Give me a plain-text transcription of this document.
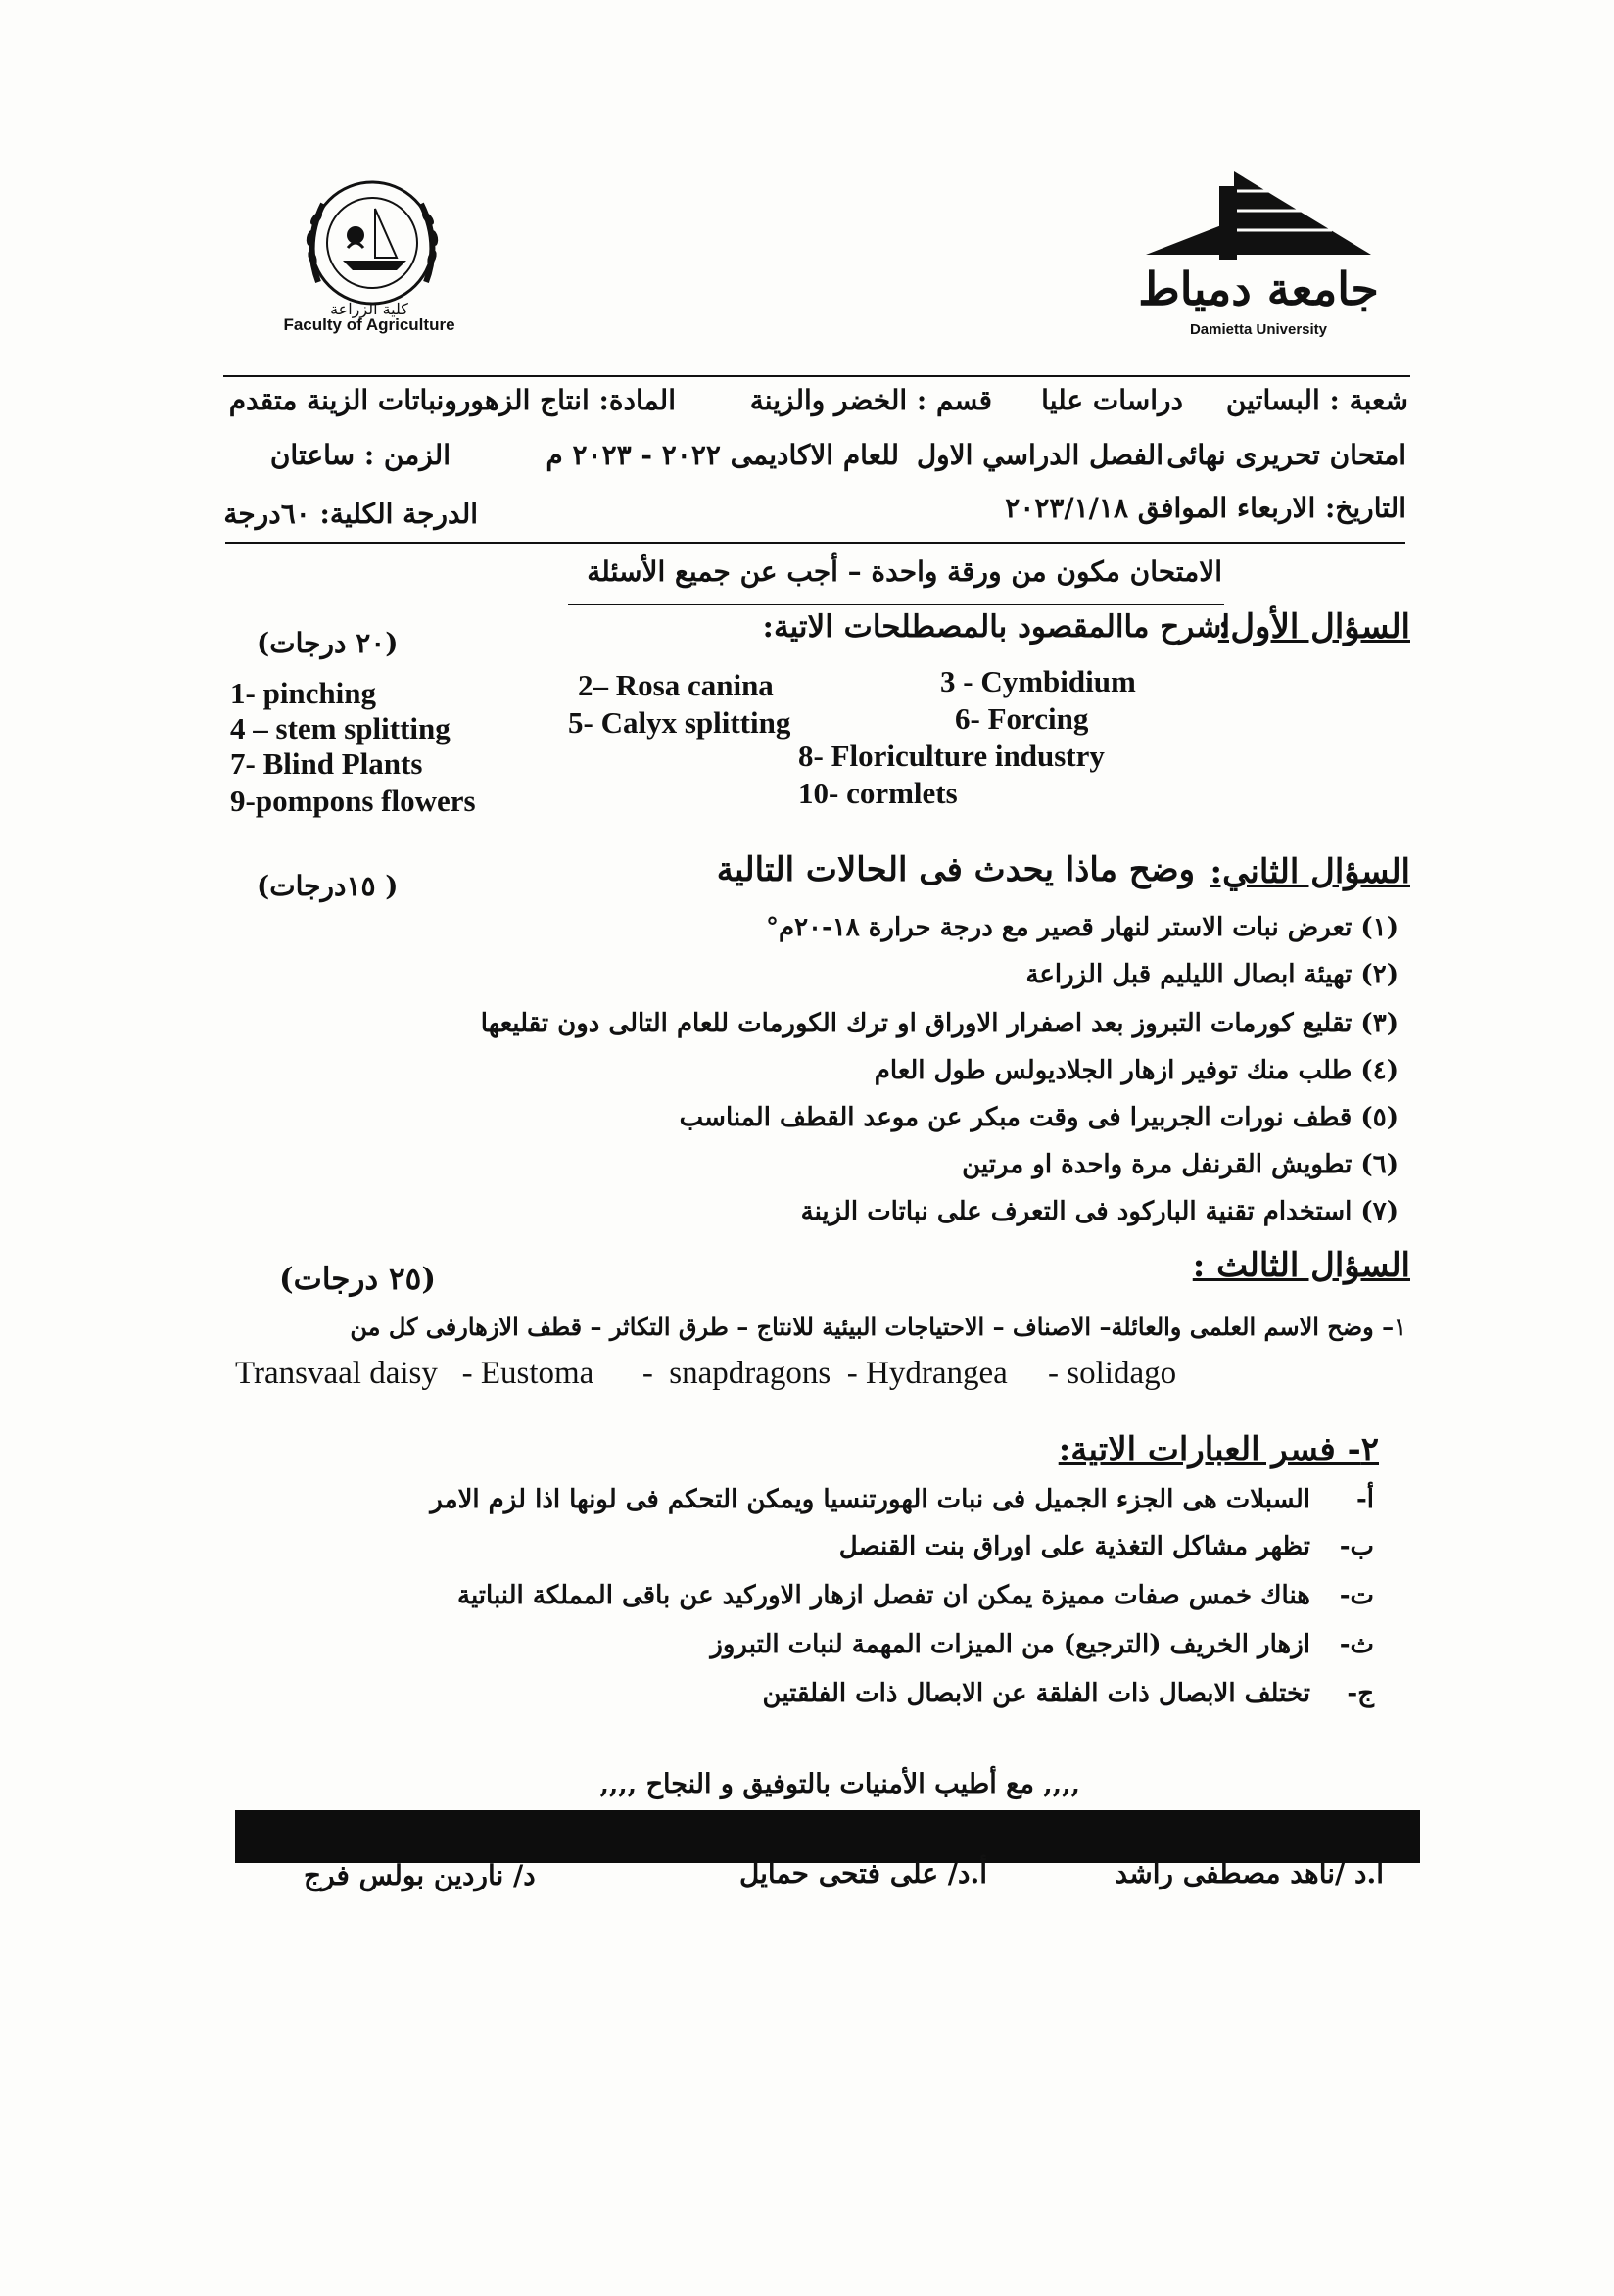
كلية الزراعة
Faculty of Agriculture
جامعة دمياط
Damietta University
شعبة : البساتين
دراسات عليا
قسم : الخضر والزينة
المادة: انتاج الزهورونباتات الزينة متقدم
امتحان تحريرى نهائى
الفصل الدراسي الاول
للعام الاكاديمى ٢٠٢٢ - ٢٠٢٣ م
الزمن : ساعتان
التاريخ: الاربعاء الموافق ٢٠٢٣/١/١٨
الدرجة الكلية: ٦٠درجة
الامتحان مكون من ورقة واحدة – أجب عن جميع الأسئلة
السؤال الأول:
اشرح ماالمقصود بالمصطلحات الاتية:
(٢٠ درجات)
1- pinching	2– Rosa canina	3 - Cymbidium
4 – stem splitting	5- Calyx splitting	6- Forcing
7- Blind Plants	8- Floriculture industry
9-pompons flowers	10- cormlets
السؤال الثاني:
وضح ماذا يحدث فى الحالات التالية
( ١٥درجات)
(١) تعرض نبات الاستر لنهار قصير مع درجة حرارة ١٨-٢٠م°
(٢) تهيئة ابصال الليليم قبل الزراعة
(٣) تقليع كورمات التبروز بعد اصفرار الاوراق او ترك الكورمات للعام التالى دون تقليعها
(٤) طلب منك توفير ازهار الجلاديولس طول العام
(٥) قطف نورات الجربيرا فى وقت مبكر عن موعد القطف المناسب
(٦) تطويش القرنفل مرة واحدة او مرتين
(٧) استخدام تقنية الباركود فى التعرف على نباتات الزينة
السؤال الثالث :
(٢٥ درجات)
١– وضح الاسم العلمى والعائلة– الاصناف – الاحتياجات البيئية للانتاج – طرق التكاثر – قطف الازهارفى كل من
Transvaal daisy   - Eustoma      -  snapdragons  - Hydrangea     - solidago
٢- فسر العبارات الاتية:
أ-
السبلات هى الجزء الجميل فى نبات الهورتنسيا ويمكن التحكم فى لونها اذا لزم الامر
ب-
تظهر مشاكل التغذية على اوراق بنت القنصل
ت-
هناك خمس صفات مميزة يمكن ان تفصل ازهار الاوركيد عن باقى المملكة النباتية
ث-
ازهار الخريف (الترجيع) من الميزات المهمة لنبات التبروز
ج-
تختلف الابصال ذات الفلقة عن الابصال ذات الفلقتين
,,,, مع أطيب الأمنيات بالتوفيق و النجاح ,,,,
ا.د /ناهد مصطفى راشد
أ.د/ على فتحى حمايل
د/ ناردين بولس فرج
